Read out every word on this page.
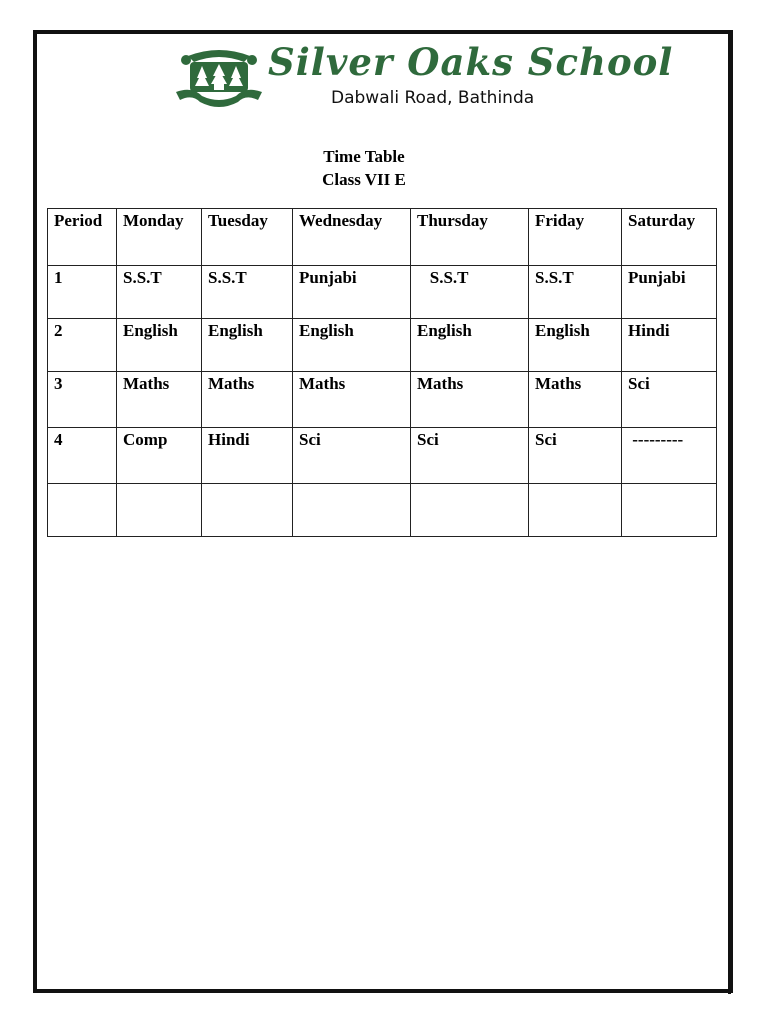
Silver Oaks School
Dabwali Road, Bathinda
Time Table
Class VII E
Period	Monday	Tuesday	Wednesday	Thursday	Friday	Saturday
1	S.S.T	S.S.T	Punjabi	S.S.T	S.S.T	Punjabi
2	English	English	English	English	English	Hindi
3	Maths	Maths	Maths	Maths	Maths	Sci
4	Comp	Hindi	Sci	Sci	Sci	---------
